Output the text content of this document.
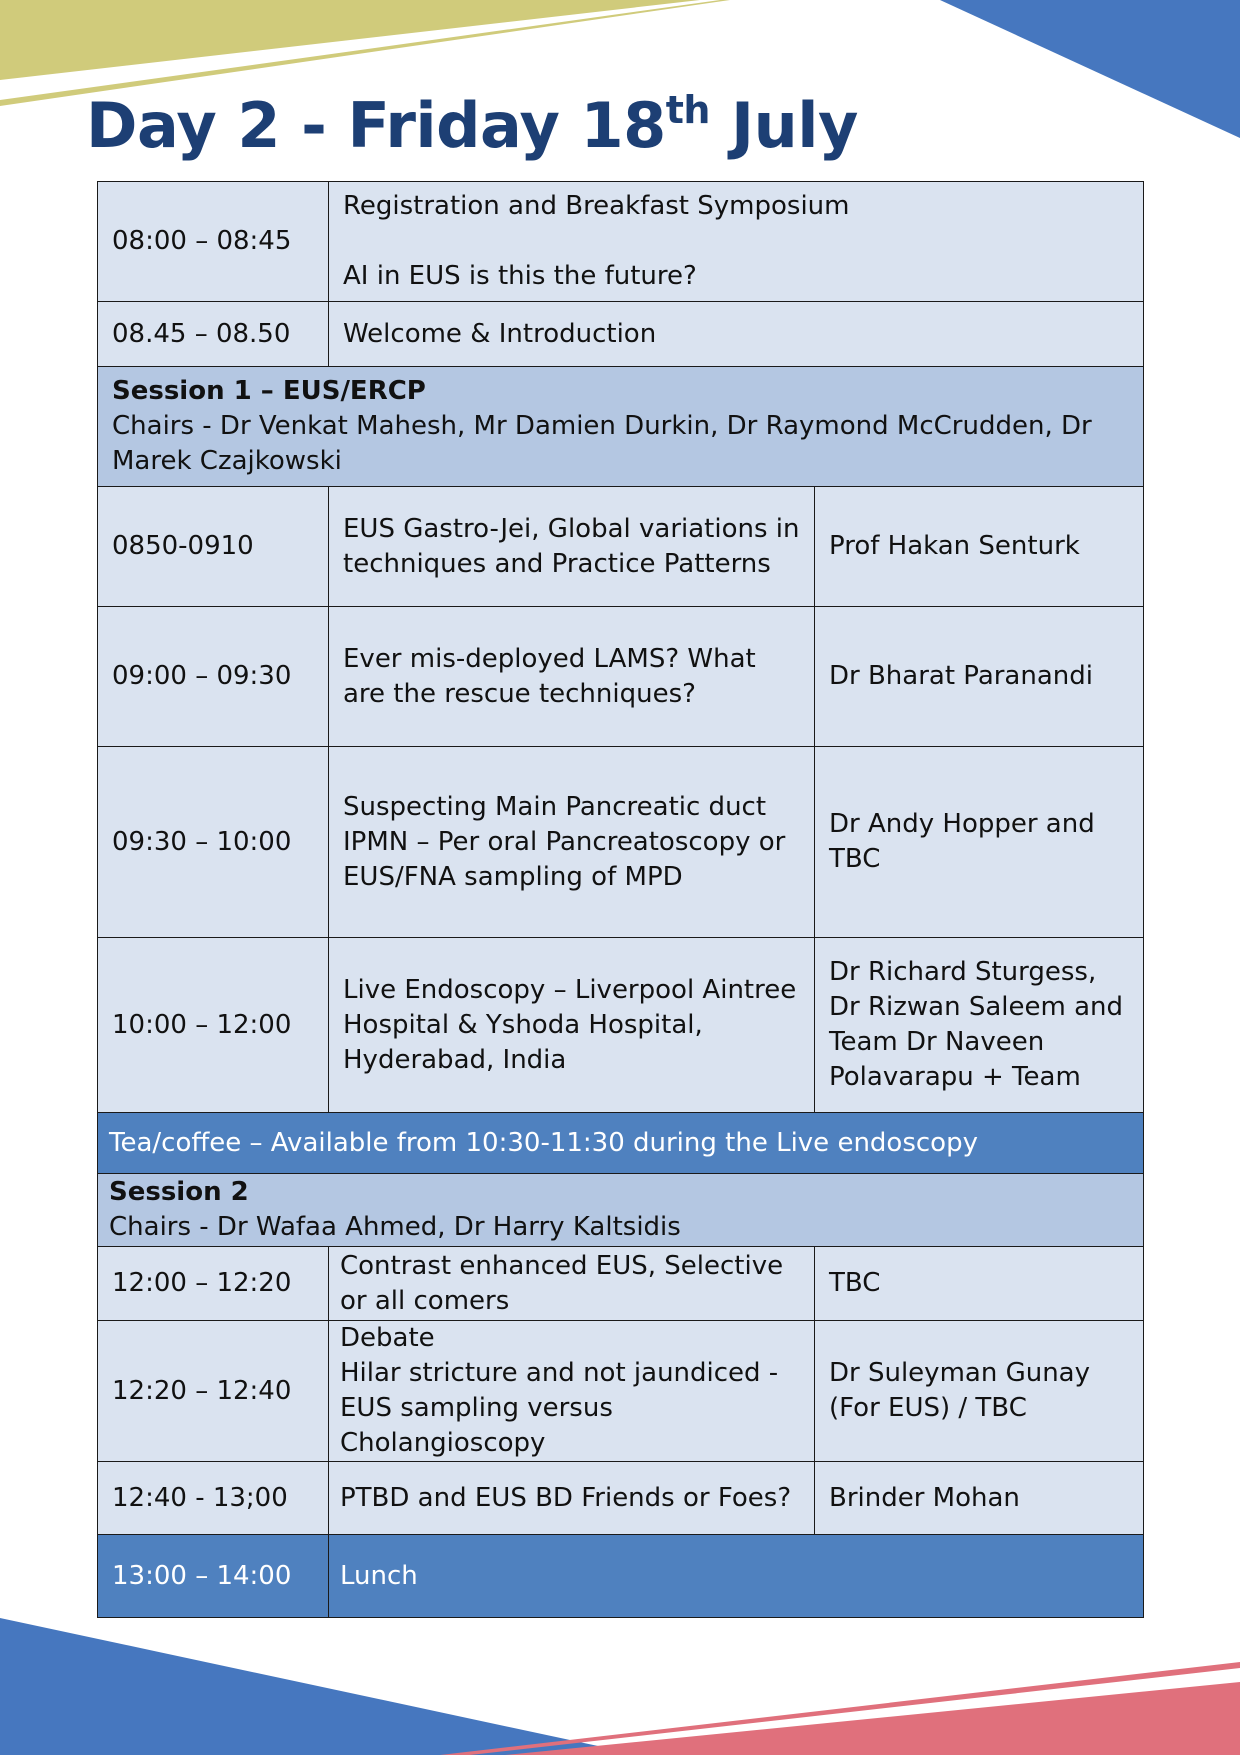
Day 2 - Friday 18th July
08:00 – 08:45	Registration and Breakfast Symposium
AI in EUS is this the future?	

08.45 – 08.50	Welcome & Introduction	

Session 1 – EUS/ERCP
Chairs - Dr Venkat Mahesh, Mr Damien Durkin, Dr Raymond McCrudden, Dr Marek Czajkowski		

0850-0910	EUS Gastro-Jei, Global variations in techniques and Practice Patterns	Prof Hakan Senturk
09:00 – 09:30	Ever mis-deployed LAMS? What are the rescue techniques?	Dr Bharat Paranandi
09:30 – 10:00	Suspecting Main Pancreatic duct IPMN – Per oral Pancreatoscopy or EUS/FNA sampling of MPD	Dr Andy Hopper and TBC
10:00 – 12:00	Live Endoscopy – Liverpool Aintree Hospital & Yshoda Hospital, Hyderabad, India	Dr Richard Sturgess, Dr Rizwan Saleem and Team Dr Naveen Polavarapu + Team
Tea/coffee – Available from 10:30-11:30 during the Live endoscopy		

Session 2
Chairs - Dr Wafaa Ahmed, Dr Harry Kaltsidis		

12:00 – 12:20	Contrast enhanced EUS, Selective or all comers	TBC
12:20 – 12:40	Debate
Hilar stricture and not jaundiced - EUS sampling versus Cholangioscopy	Dr Suleyman Gunay (For EUS) / TBC
12:40 - 13;00	PTBD and EUS BD Friends or Foes?	Brinder Mohan
13:00 – 14:00	Lunch	
